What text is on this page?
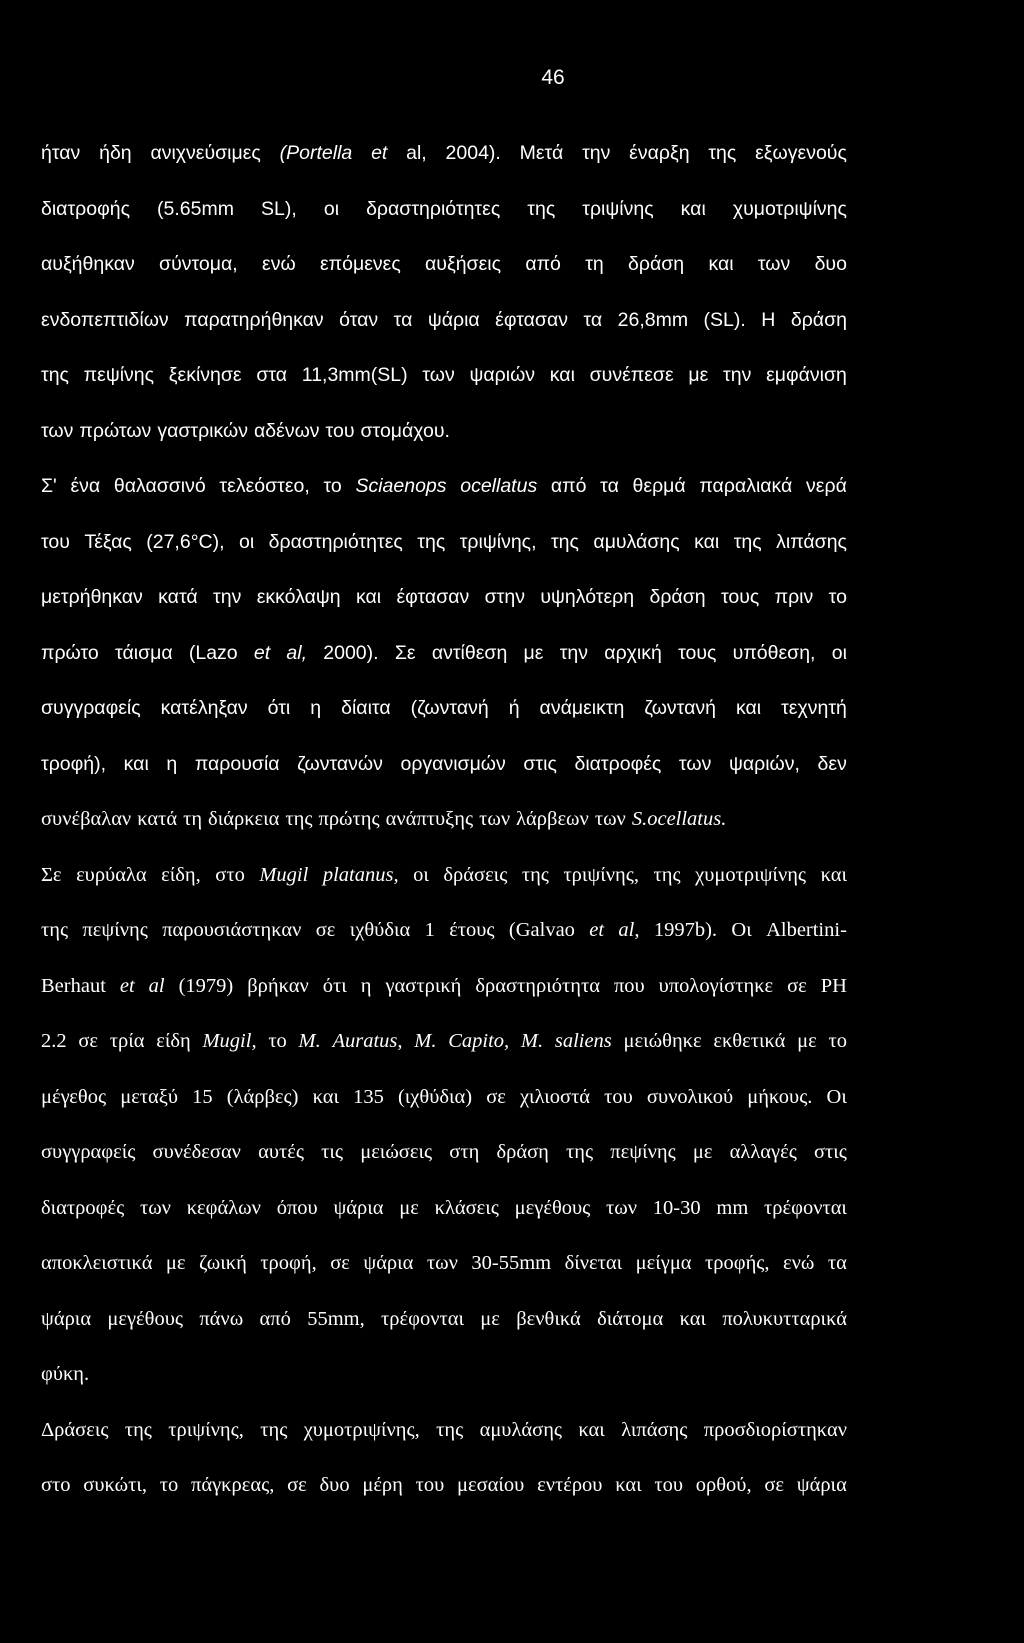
46
ήταν ήδη ανιχνεύσιμες (Portella et al, 2004). Μετά την έναρξη της εξωγενούς
διατροφής (5.65mm SL), οι δραστηριότητες της τριψίνης και χυμοτριψίνης
αυξήθηκαν σύντομα, ενώ επόμενες αυξήσεις από τη δράση και των δυο
ενδοπεπτιδίων παρατηρήθηκαν όταν τα ψάρια έφτασαν τα 26,8mm (SL). Η δράση
της πεψίνης ξεκίνησε στα 11,3mm(SL) των ψαριών και συνέπεσε με την εμφάνιση
των πρώτων γαστρικών αδένων του στομάχου.
Σ' ένα θαλασσινό τελεόστεο, το Sciaenops ocellatus από τα θερμά παραλιακά νερά
του Τέξας (27,6°C), οι δραστηριότητες της τριψίνης, της αμυλάσης και της λιπάσης
μετρήθηκαν κατά την εκκόλαψη και έφτασαν στην υψηλότερη δράση τους πριν το
πρώτο τάισμα (Lazo et al, 2000). Σε αντίθεση με την αρχική τους υπόθεση, οι
συγγραφείς κατέληξαν ότι η δίαιτα (ζωντανή ή ανάμεικτη ζωντανή και τεχνητή
τροφή), και η παρουσία ζωντανών οργανισμών στις διατροφές των ψαριών, δεν
συνέβαλαν κατά τη διάρκεια της πρώτης ανάπτυξης των λάρβεων των S.ocellatus.
Σε ευρύαλα είδη, στο Mugil platanus, οι δράσεις της τριψίνης, της χυμοτριψίνης και
της πεψίνης παρουσιάστηκαν σε ιχθύδια 1 έτους (Galvao et al, 1997b). Οι Albertini-
Berhaut et al (1979) βρήκαν ότι η γαστρική δραστηριότητα που υπολογίστηκε σε PH
2.2 σε τρία είδη Mugil, το M. Auratus, M. Capito, M. saliens μειώθηκε εκθετικά με το
μέγεθος μεταξύ 15 (λάρβες) και 135 (ιχθύδια) σε χιλιοστά του συνολικού μήκους. Οι
συγγραφείς συνέδεσαν αυτές τις μειώσεις στη δράση της πεψίνης με αλλαγές στις
διατροφές των κεφάλων όπου ψάρια με κλάσεις μεγέθους των 10-30 mm τρέφονται
αποκλειστικά με ζωική τροφή, σε ψάρια των 30-55mm δίνεται μείγμα τροφής, ενώ τα
ψάρια μεγέθους πάνω από 55mm, τρέφονται με βενθικά διάτομα και πολυκυτταρικά
φύκη.
Δράσεις της τριψίνης, της χυμοτριψίνης, της αμυλάσης και λιπάσης προσδιορίστηκαν
στο συκώτι, το πάγκρεας, σε δυο μέρη του μεσαίου εντέρου και του ορθού, σε ψάρια
